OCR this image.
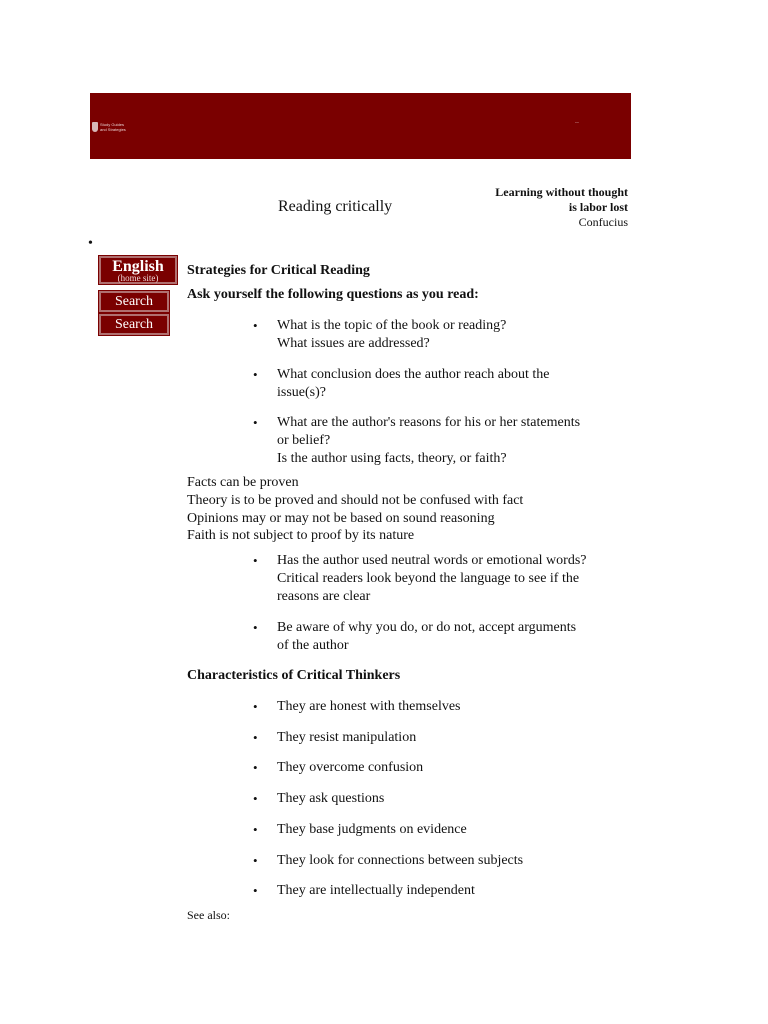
Study Guides
and Strategies
..
Learning without thought
is labor lost
Confucius
Reading critically
•
English
(home site)
Search
Search
Strategies for Critical Reading
Ask yourself the following questions as you read:
• What is the topic of the book or reading?
What issues are addressed?
• What conclusion does the author reach about the
issue(s)?
• What are the author's reasons for his or her statements
or belief?
Is the author using facts, theory, or faith?
Facts can be proven
Theory is to be proved and should not be confused with fact
Opinions may or may not be based on sound reasoning
Faith is not subject to proof by its nature
• Has the author used neutral words or emotional words?
Critical readers look beyond the language to see if the
reasons are clear
• Be aware of why you do, or do not, accept arguments
of the author
Characteristics of Critical Thinkers
• They are honest with themselves
• They resist manipulation
• They overcome confusion
• They ask questions
• They base judgments on evidence
• They look for connections between subjects
• They are intellectually independent
See also:
